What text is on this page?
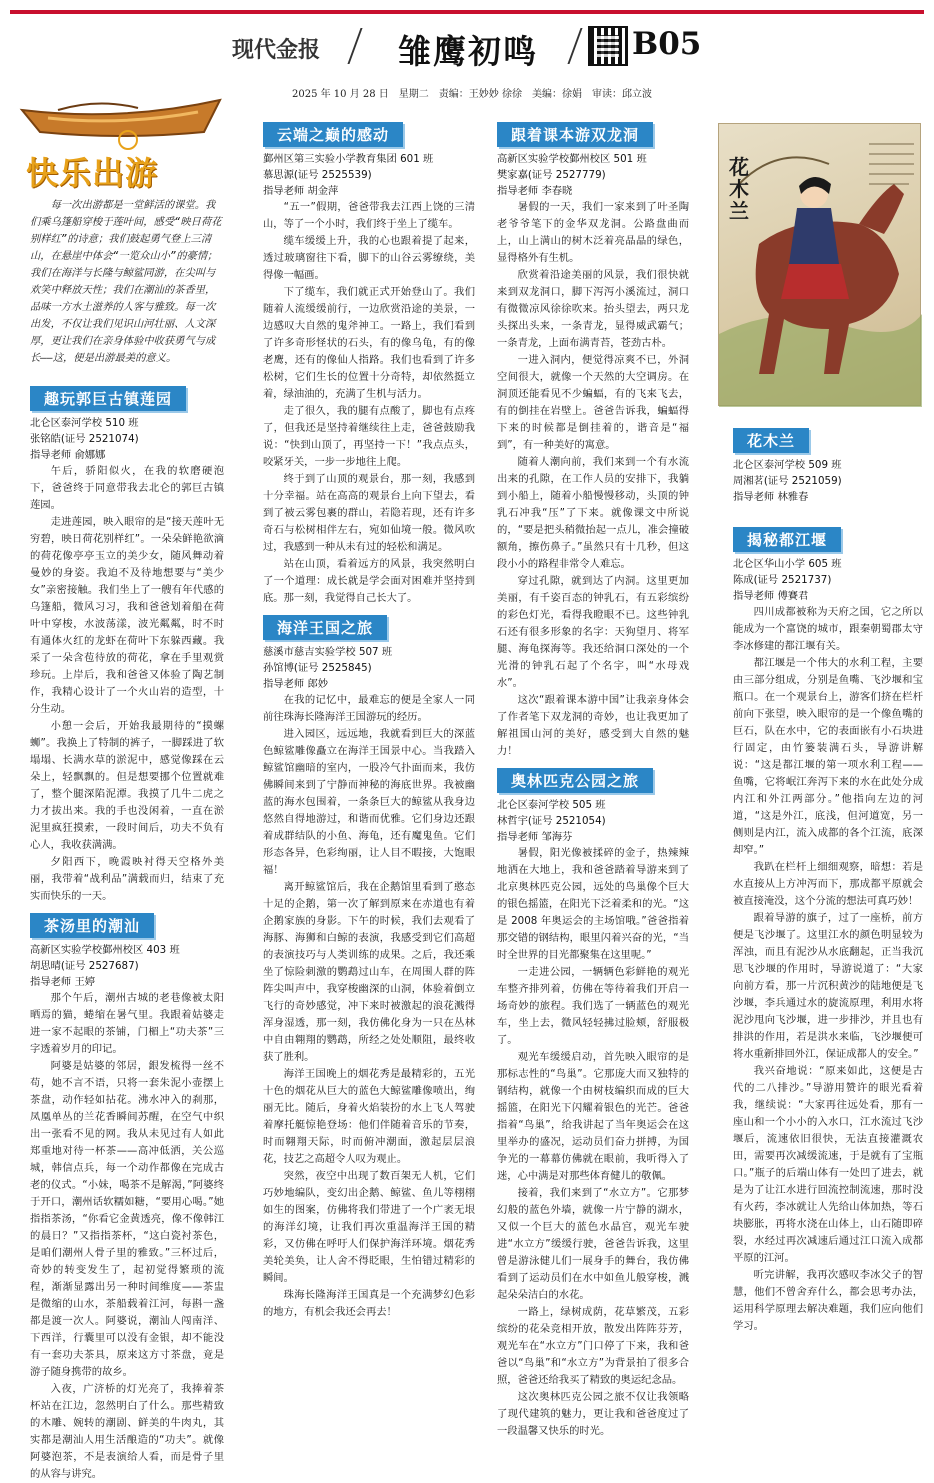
现代金报 雏鹰初鸣	B05
2025 年 10 月 28 日　星期二　责编：王妙妙 徐徐　美编：徐娟　审读：邱立波
快乐出游
每一次出游都是一堂鲜活的课堂。我们乘乌篷船穿梭于莲叶间，感受“映日荷花别样红”的诗意；我们鼓起勇气登上三清山，在悬崖中体会“一览众山小”的豪情；我们在海洋与长隆与鲸鲨同游，在尖叫与欢笑中释放天性；我们在潮汕的茶香里，品味一方水土滋养的人客与雅致。每一次出发，不仅让我们见识山河壮丽、人文深厚，更让我们在亲身体验中收获勇气与成长——这，便是出游最美的意义。
趣玩郭巨古镇莲园
北仑区泰河学校 510 班
张铭皓(证号 2521074)
指导老师 俞娜娜

午后，骄阳似火，在我的软磨硬泡下，爸爸终于同意带我去北仑的郭巨古镇莲园。

走进莲园，映入眼帘的是“接天莲叶无穷碧，映日荷花别样红”。一朵朵鲜艳欲滴的荷花像亭亭玉立的美少女，随风舞动着曼妙的身姿。我迫不及待地想要与“美少女”亲密接触。我们坐上了一艘有年代感的乌篷船，微风习习，我和爸爸划着船在荷叶中穿梭，水波荡漾，波光粼粼，时不时有通体火红的龙虾在荷叶下东躲西藏。我采了一朵含苞待放的荷花，拿在手里观赏珍玩。上岸后，我和爸爸又体验了陶艺制作，我精心设计了一个火山岩的造型，十分生动。

小憩一会后，开始我最期待的“摸螺蛳”。我换上了特制的裤子，一脚踩进了软塌塌、长满水草的淤泥中，感觉像踩在云朵上，轻飘飘的。但是想要挪个位置就难了，整个腿深陷泥潭。我摸了几牛二虎之力才拔出来。我的手也没闲着，一直在淤泥里疯狂摸索，一段时间后，功夫不负有心人，我收获满满。

夕阳西下，晚霞映衬得天空格外美丽，我带着“战利品”满载而归，结束了充实而快乐的一天。

茶汤里的潮汕
高新区实验学校鄞州校区 403 班
胡思晴(证号 2527687)
指导老师 王婷

那个午后，潮州古城的老巷像被太阳晒焉的猫，蜷缩在暑气里。我跟着姑婆走进一家不起眼的茶铺，门楣上“功夫茶”三字透着岁月的印记。

阿婆是姑婆的邻居，銀发梳得一丝不苟，她不言不语，只将一套朱泥小壶摆上茶盘，动作轻如拈花。沸水冲入的刹那，凤凰单丛的兰花香瞬间苏醒，在空气中织出一张看不见的网。我从未见过有人如此郑重地对待一杯茶——高冲低洒，关公巡城，韩信点兵，每一个动作都像在完成古老的仪式。“小妹，喝茶不是解渴，”阿婆终于开口，潮州话软糯如糖，“要用心喝。”她指指茶汤，“你看它金黄透亮，像不像韩江的晨日？”又指指茶杯，“这白瓷衬茶色，是咱们潮州人骨子里的雅致。”三杯过后，奇妙的转变发生了，起初觉得繁琐的流程，渐渐显露出另一种时间维度——茶盅是微缩的山水，茶船载着江河，每斟一盏都是渡一次人。阿婆说，潮汕人闯南洋、下西洋，行囊里可以没有金银，却不能没有一套功夫茶具，原来这方寸茶盘，竟是游子随身携带的故乡。

入夜，广济桥的灯光亮了，我捧着茶杯站在江边，忽然明白了什么。那些精致的木雕、婉转的潮剧、鲜美的牛肉丸，其实都是潮汕人用生活酿造的“功夫”。就像阿婆泡茶，不是表演给人看，而是骨子里的从容与讲究。

云端之巅的感动
鄞州区第三实验小学教育集团 601 班
慕思源(证号 2525539)
指导老师 胡金萍

“五一”假期，爸爸带我去江西上饶的三清山，等了一个小时，我们终于坐上了缆车。

缆车缓缓上升，我的心也跟着提了起来，透过玻璃窗往下看，脚下的山谷云雾缭绕，美得像一幅画。

下了缆车，我们就正式开始登山了。我们随着人流缓缓前行，一边欣赏沿途的美景，一边感叹大自然的鬼斧神工。一路上，我们看到了许多奇形怪状的石头，有的像乌龟，有的像老鹰，还有的像仙人指路。我们也看到了许多松树，它们生长的位置十分奇特，却依然挺立着，绿油油的，充满了生机与活力。

走了很久，我的腿有点酸了，脚也有点疼了，但我还是坚持着继续往上走，爸爸鼓励我说：“快到山顶了，再坚持一下！”我点点头，咬紧牙关，一步一步地往上爬。

终于到了山顶的观景台，那一刻，我感到十分幸福。站在高高的观景台上向下望去，看到了被云雾包裹的群山，若隐若现，还有许多奇石与松树相伴左右，宛如仙境一般。微风吹过，我感到一种从未有过的轻松和满足。

站在山顶，看着远方的风景，我突然明白了一个道理：成长就是学会面对困难并坚持到底。那一刻，我觉得自己长大了。

海洋王国之旅
慈溪市慈吉实验学校 507 班
孙馆博(证号 2525845)
指导老师 郎妙

在我的记忆中，最难忘的便是全家人一同前往珠海长隆海洋王国游玩的经历。

进入园区，远远地，我就看到巨大的深蓝色鲸鲨雕像矗立在海洋王国景中心。当我踏入鲸鲨馆幽暗的室内，一股冷气扑面而来，我仿佛瞬间来到了宁静而神秘的海底世界。我被幽蓝的海水包围着，一条条巨大的鲸鲨从我身边悠然自得地游过，和谐而优雅。它们身边还跟着成群结队的小鱼、海龟，还有魔鬼鱼。它们形态各异，色彩绚丽，让人目不暇接，大饱眼福！

离开鲸鲨馆后，我在企鹅馆里看到了憨态十足的企鹅，第一次了解到原来在赤道也有着企鹅家族的身影。下午的时候，我们去观看了海豚、海狮和白鲸的表演，我感受到它们高超的表演技巧与人类训练的成果。之后，我还乘坐了惊险刺激的鹦鹉过山车，在周围人群的阵阵尖叫声中，我穿梭幽深的山洞，体验着倒立飞行的奇妙感觉，冲下来时被激起的浪花溅得浑身湿透，那一刻，我仿佛化身为一只在丛林中自由翱翔的鹦鹉，所经之处处顺阻，最终收获了胜利。

海洋王国晚上的烟花秀是最精彩的，五光十色的烟花从巨大的蓝色大鲸鲨雕像喷出，绚丽无比。随后，身着火焰装扮的水上飞人驾驶着摩托艇惊艳登场：他们伴随着音乐的节奏，时而翱翔天际，时而俯冲潮面，激起层层浪花，技艺之高超令人叹为观止。

突然，夜空中出现了数百架无人机，它们巧妙地编队，变幻出企鹅、鲸鲨、鱼儿等栩栩如生的图案，仿佛将我们带进了一个广袤无垠的海洋幻境，让我们再次重温海洋王国的精彩，又仿佛在呼吁人们保护海洋环境。烟花秀美轮美奂，让人舍不得眨眼，生怕错过精彩的瞬间。

珠海长隆海洋王国真是一个充满梦幻色彩的地方，有机会我还会再去！

跟着课本游双龙洞
高新区实验学校鄞州校区 501 班
樊家嘉(证号 2527779)
指导老师 李春晓

暑假的一天，我们一家来到了叶圣陶老爷爷笔下的金华双龙洞。公路盘曲而上，山上满山的树木泛着亮晶晶的绿色，显得格外有生机。

欣赏着沿途美丽的风景，我们很快就来到双龙洞口，脚下泻泻小溪流过，洞口有微微凉风徐徐吹来。抬头望去，两只龙头探出头来，一条青龙，显得威武霸气；一条青龙，上面布满青苔，苍劲古朴。

一进入洞内，便觉得凉爽不已，外洞空间很大，就像一个天然的大空调房。在洞顶还能看见不少蝙蝠，有的飞来飞去，有的倒挂在岩壁上。爸爸告诉我，蝙蝠得下来的时候都是倒挂着的，谐音是“福到”，有一种美好的寓意。

随着人潮向前，我们来到一个有水流出来的孔隙，在工作人员的安排下，我躺到小船上，随着小船慢慢移动，头顶的钟乳石冲我“压”了下来。就像课文中所说的，“要是把头稍微抬起一点儿，准会撞破额角，擦伤鼻子。”虽然只有十几秒，但这段小小的路程非常令人难忘。

穿过孔隙，就到达了内洞。这里更加美丽，有千姿百态的钟乳石，有五彩缤纷的彩色灯光，看得我瞪眼不已。这些钟乳石还有很多形象的名字：天狗望月、将军腿、海龟探海等。我还给洞口深处的一个光滑的钟乳石起了个名字，叫“水母戏水”。

这次“跟着课本游中国”让我亲身体会了作者笔下双龙洞的奇妙，也让我更加了解祖国山河的美好，感受到大自然的魅力！

奥林匹克公园之旅
北仑区泰河学校 505 班
林哲宇(证号 2521054)
指导老师 邹海芬

暑假，阳光像被揉碎的金子，热辣辣地洒在大地上，我和爸爸踏着导游来到了北京奥林匹克公园，远处的鸟巢像个巨大的银色摇篮，在阳光下泛着柔和的光。“这是 2008 年奥运会的主场馆哦。”爸爸指着那交错的钢结构，眼里闪着兴奋的光，“当时全世界的目光都聚集在这里呢。”

一走进公园，一辆辆色彩鲜艳的观光车整齐排列着，仿佛在等待着我们开启一场奇妙的旅程。我们选了一辆蓝色的观光车，坐上去，微风轻轻拂过脸颊，舒服极了。

观光车缓缓启动，首先映入眼帘的是那标志性的“鸟巢”。它那庞大而又独特的钢结构，就像一个由树枝编织而成的巨大摇篮，在阳光下闪耀着银色的光芒。爸爸指着“鸟巢”，给我讲起了当年奥运会在这里举办的盛况，运动员们奋力拼搏，为国争光的一幕幕仿佛就在眼前，我听得入了迷，心中满是对那些体育健儿的敬佩。

接着，我们来到了“水立方”。它那梦幻般的蓝色外墙，就像一片宁静的湖水，又似一个巨大的蓝色水晶宫，观光车驶进“水立方”缓缓行驶，爸爸告诉我，这里曾是游泳健儿们一展身手的舞台，我仿佛看到了运动员们在水中如鱼儿般穿梭，溅起朵朵洁白的水花。

一路上，绿树成荫，花草繁茂，五彩缤纷的花朵竞相开放，散发出阵阵芬芳，观光车在“水立方”门口停了下来，我和爸爸以“鸟巢”和“水立方”为背景拍了很多合照，爸爸还给我买了精致的奥运纪念品。

这次奥林匹克公园之旅不仅让我领略了现代建筑的魅力，更让我和爸爸度过了一段温馨又快乐的时光。

花
木
兰
花木兰
北仑区泰河学校 509 班
周湘茗(证号 2521059)
指导老师 林雅春
揭秘都江堰
北仑区华山小学 605 班
陈成(证号 2521737)
指导老师 傅賽君

四川成都被称为天府之国，它之所以能成为一个富饶的城市，跟秦朝蜀郡太守李冰修建的都江堰有关。

都江堰是一个伟大的水利工程，主要由三部分组成，分别是鱼嘴、飞沙堰和宝瓶口。在一个观景台上，游客们挤在栏杆前向下张望，映入眼帘的是一个像鱼嘴的巨石，队在水中，它的表面嵌有小石块进行固定，由竹篓装满石头，导游讲解说：“这是都江堰的第一项水利工程——鱼嘴，它将岷江奔泻下来的水在此处分成内江和外江两部分。”他指向左边的河道，“这是外江，底浅，但河道宽，另一侧则是内江，流入成都的各个江流，底深却窄。”

我趴在栏杆上细细观察，暗想：若是水直接从上方冲泻而下，那成都平原就会被直接淹没，这个分流的想法可真巧妙！

跟着导游的旗子，过了一座桥，前方便是飞沙堰了。这里江水的颜色明显较为浑浊，而且有泥沙从水底翻起，正当我沉思飞沙堰的作用时，导游说道了：“大家向前方看，那一片沉积黄沙的陆地便是飞沙堰，李兵通过水的旋流原理，利用水将泥沙甩向飞沙堰，进一步排沙，并且也有排洪的作用，若是洪水来临，飞沙堰便可将水重新排回外江，保证成都人的安全。”

我兴奋地说：“原来如此，这便是古代的二八排沙。”导游用赞许的眼光看着我，继续说：“大家再往远处看，那有一座山和一个小小的入水口，江水流过飞沙堰后，流速依旧很快，无法直接灌溉农田，需要再次减缓流速，于是就有了宝瓶口。”瓶子的后端山体有一处凹了进去，就是为了让江水进行回流控制流速，那时没有火药，李冰就让人先给山体加热，等石块膨胀，再将水浇在山体上，山石随即碎裂，水经过再次减速后通过江口流入成都平原的江河。

听完讲解，我再次感叹李冰父子的智慧，他们不曾舍弃什么，都会思考办法，运用科学原理去解决难题，我们应向他们学习。
